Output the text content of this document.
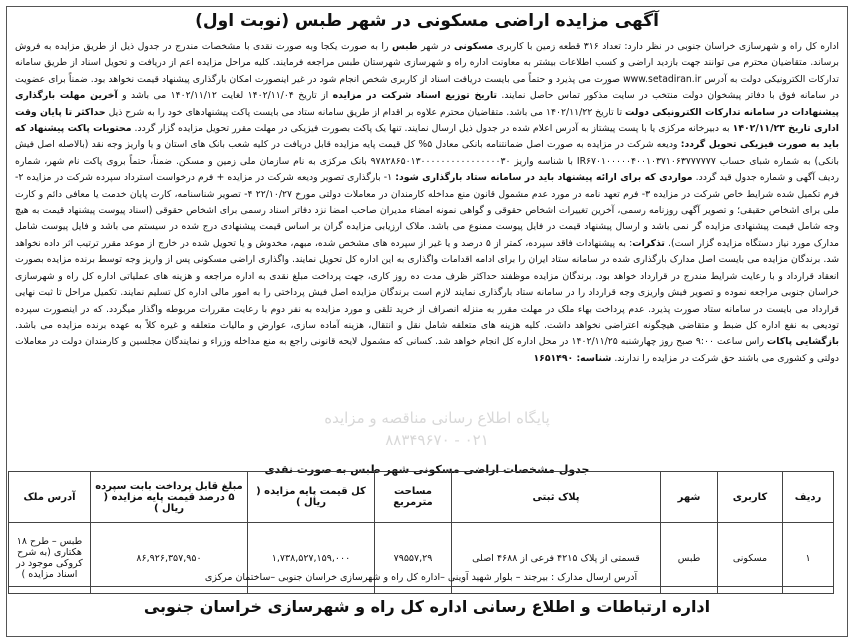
آگهی مزایده اراضی مسکونی در شهر طبس (نوبت اول)
اداره کل راه و شهرسازی خراسان جنوبی در نظر دارد: تعداد ۳۱۶ قطعه زمین با کاربری مسکونی در شهر طبس را به صورت یکجا وبه صورت نقدی با مشخصات مندرج در جدول ذیل از طریق مزایده به فروش برساند. متقاضیان محترم می توانند جهت بازدید اراضی و کسب اطلاعات بیشتر به معاونت اداره راه و شهرسازی شهرستان طبس مراجعه فرمایند. کلیه مراحل مزایده اعم از دریافت و تحویل اسناد از طریق سامانه تدارکات الکترونیکی دولت به آدرس www.setadiran.ir صورت می پذیرد و حتماً می بایست دریافت اسناد از کاربری شخص انجام شود در غیر اینصورت امکان بارگذاری پیشنهاد قیمت نخواهد بود. ضمناً برای عضویت در سامانه فوق با دفاتر پیشخوان دولت منتخب در سایت مذکور تماس حاصل نمایند. تاریخ توزیع اسناد شرکت در مزایده از تاریخ ۱۴۰۲/۱۱/۰۴ لغایت ۱۴۰۲/۱۱/۱۲ می باشد و آخرین مهلت بارگذاری پیشنهادات در سامانه تدارکات الکترونیکی دولت تا تاریخ ۱۴۰۲/۱۱/۲۲ می باشد. متقاضیان محترم علاوه بر اقدام از طریق سامانه ستاد می بایست پاکت پیشنهادهای خود را به شرح ذیل حداکثر تا پایان وقت اداری تاریخ ۱۴۰۲/۱۱/۲۳ به دبیرخانه مرکزی یا با پست پیشتاز به آدرس اعلام شده در جدول ذیل ارسال نمایند. تنها یک پاکت بصورت فیزیکی در مهلت مقرر تحویل مزایده گزار گردد. محتویات پاکت پیشنهاد که باید به صورت فیزیکی تحویل گردد: ودیعه شرکت در مزایده به صورت اصل ضمانتنامه بانکی معادل ۵% کل قیمت پایه مزایده قابل دریافت در کلیه شعب بانک های استان و یا واریز وجه نقد (بالاصله اصل فیش بانکی) به شماره شبای حساب IR۶۷۰۱۰۰۰۰۰۴۰۰۱۰۳۷۱۰۶۳۷۷۷۷۷۷ با شناسه واریز ۹۷۸۲۸۶۵۰۱۳۰۰۰۰۰۰۰۰۰۰۰۰۰۰۰۰۳۰ بانک مرکزی به نام سازمان ملی زمین و مسکن. ضمناً، حتماً بروی پاکت نام شهر، شماره ردیف آگهی و شماره جدول قید گردد. مواردی که برای ارائه پیشنهاد باید در سامانه ستاد بارگذاری شود: ۱- بارگذاری تصویر ودیعه شرکت در مزایده + فرم درخواست استرداد سپرده شرکت در مزایده ۲- فرم تکمیل شده شرایط خاص شرکت در مزایده ۳- فرم تعهد نامه در مورد عدم مشمول قانون منع مداخله کارمندان در معاملات دولتی مورخ ۲۲/۱۰/۲۷ ۴- تصویر شناسنامه، کارت پایان خدمت یا معافی دائم و کارت ملی برای اشخاص حقیقی؛ و تصویر آگهی روزنامه رسمی، آخرین تغییرات اشخاص حقوقی و گواهی نمونه امضاء مدیران صاحب امضا نزد دفاتر اسناد رسمی برای اشخاص حقوقی (اسناد پیوست پیشنهاد قیمت به هیچ وجه شامل قیمت پیشنهادی مزایده گر نمی باشد و ارسال پیشنهاد قیمت در فایل پیوست ممنوع می باشد. ملاک ارزیابی مزایده گران بر اساس قیمت پیشنهادی درج شده در سیستم می باشد و فایل پیوست شامل مدارک مورد نیاز دستگاه مزایده گزار است). تذکرات: به پیشنهادات فاقد سپرده، کمتر از ۵ درصد و یا غیر از سپرده های مشخص شده، مبهم، مخدوش و یا تحویل شده در خارج از موعد مقرر ترتیب اثر داده نخواهد شد. برندگان مزایده می بایست اصل مدارک بارگذاری شده در سامانه ستاد ایران را برای ادامه اقدامات واگذاری به این اداره کل تحویل نمایند. واگذاری اراضی مسکونی پس از واریز وجه توسط برنده مزایده بصورت انعقاد قرارداد و با رعایت شرایط مندرج در قرارداد خواهد بود. برندگان مزایده موظفند حداکثر ظرف مدت ده روز کاری، جهت پرداخت مبلغ نقدی به اداره مراجعه و هزینه های عملیاتی اداره کل راه و شهرسازی خراسان جنوبی مراجعه نموده و تصویر فیش واریزی وجه قرارداد را در سامانه ستاد بارگذاری نمایند لازم است برندگان مزایده اصل فیش پرداختی را به امور مالی اداره کل تسلیم نمایند. تکمیل مراحل تا ثبت نهایی قرارداد می بایست در سامانه ستاد صورت پذیرد. عدم پرداخت بهاء ملک در مهلت مقرر به منزله انصراف از خرید تلقی و مورد مزایده به نفر دوم با رعایت مقررات مربوطه واگذار میگردد. که در اینصورت سپرده تودیعی به نفع اداره کل ضبط و متقاضی هیچگونه اعتراضی نخواهد داشت. کلیه هزینه های متعلقه شامل نقل و انتقال، هزینه آماده سازی، عوارض و مالیات متعلقه و غیره کلاً به عهده برنده مزایده می باشد. بازگشایی پاکات راس ساعت ۹:۰۰ صبح روز چهارشنبه ۱۴۰۲/۱۱/۲۵ در محل اداره کل انجام خواهد شد. کسانی که مشمول لایحه قانونی راجع به منع مداخله وزراء و نمایندگان مجلسین و کارمندان دولت در معاملات دولتی و کشوری می باشند حق شرکت در مزایده را ندارند. شناسه: ۱۶۵۱۴۹۰
پایگاه اطلاع رسانی مناقصه و مزایده
۰۲۱ - ۸۸۳۴۹۶۷۰
جدول مشخصات اراضی مسکونی شهر طبس به صورت نقدی
ردیف	کاربری	شهر	پلاک ثبتی	مساحت مترمربع	کل قیمت پایه مزایده ( ریال )	مبلغ قابل پرداخت بابت سپرده ۵ درصد قیمت پایه مزایده ( ریال )	آدرس ملک
۱	مسکونی	طبس	قسمتی از پلاک ۴۲۱۵ فرعی از ۴۶۸۸ اصلی	۷۹۵۵۷,۲۹	۱,۷۳۸,۵۲۷,۱۵۹,۰۰۰	۸۶,۹۲۶,۳۵۷,۹۵۰	طبس – طرح ۱۸ هکتاری (به شرح کروکی موجود در اسناد مزایده )	آدرس ارسال مدارک : بیرجند – بلوار شهید آوینی –اداره کل راه و شهرسازی خراسان جنوبی –ساختمان مرکزی
اداره ارتباطات و اطلاع رسانی اداره کل راه و شهرسازی خراسان جنوبی
